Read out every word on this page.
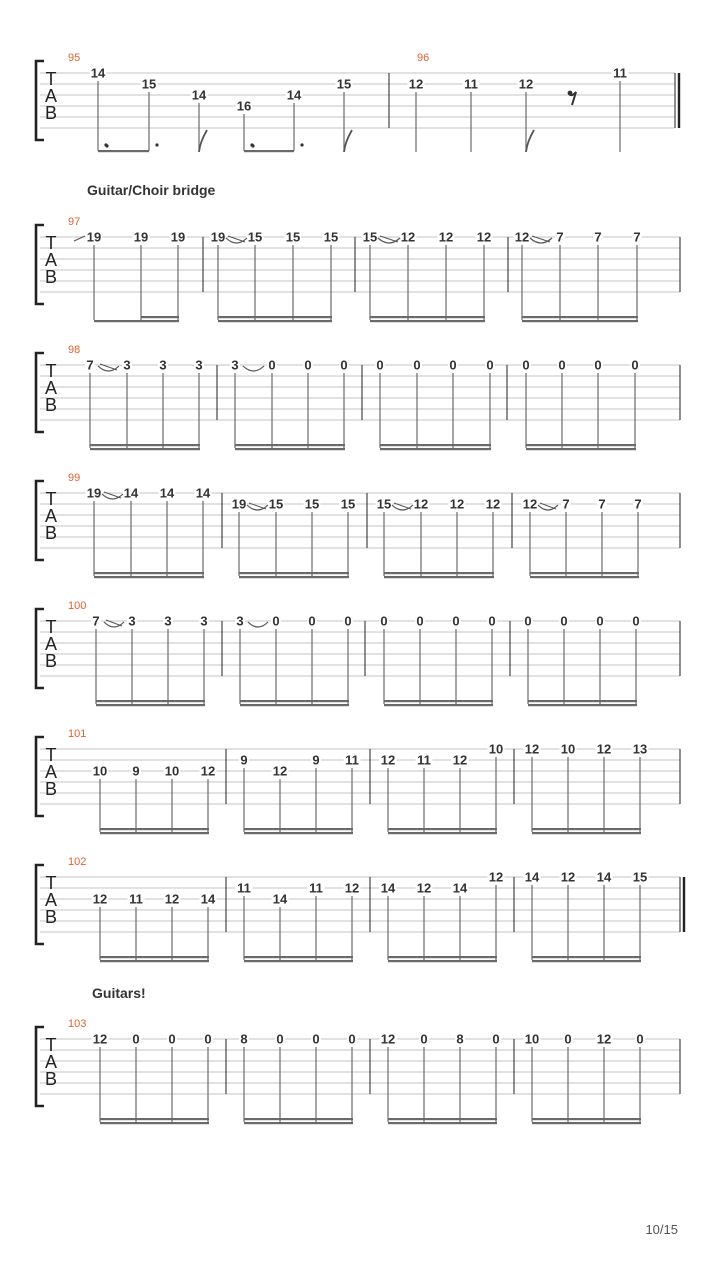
Guitar/Choir bridge
Guitars!
T
A
B
95
14
15
14
16
14
15
96
12	11	12
11
T
A
B
97
19	19 19 19 15 15 15 15 12 12 12 12 7 7 7
T
A
B
98
7 3 3 3 3 0 0 0 0 0 0 0 0 0 0 0
T
A
B
99
19 14 14 14
19 15 15 15 15 12 12 12 12 7 7 7
T
A
B
100
7 3 3 3 3 0 0 0 0 0 0 0 0 0 0 0
T
A
B
101
10 9 10 12
9
12
9 11 12 11 12
10 12 10 12 13
T
A
B
102
12 11 12 14
11
14
11 12 14 12 14
12 14 12 14 15
T
A
B
103
12 0 0 0 8 0 0 0 12 0 8 0 10 0 12 0
10/15
